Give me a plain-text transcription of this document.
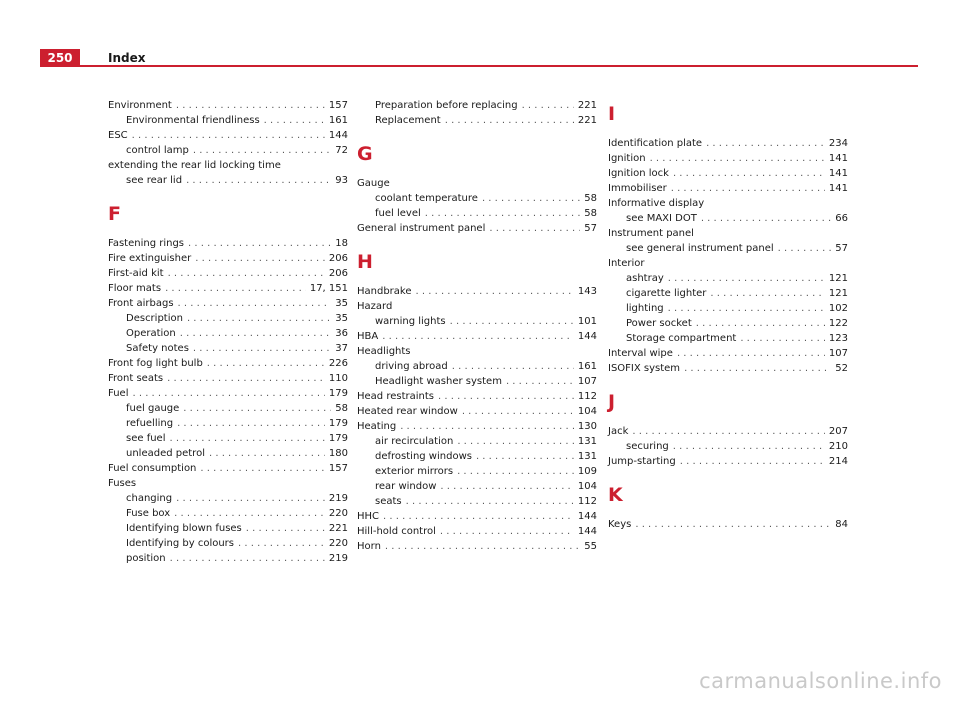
250	Index
Environment . . .	157
Environmental friendliness . . .	161
ESC . . .	144
control lamp . . .	72
extending the rear lid locking time
see rear lid . . .	93
F
Fastening rings . . .	18
Fire extinguisher . . .	206
First-aid kit . . .	206
Floor mats . . .	17, 151
Front airbags . . .	35
Description . . .	35
Operation . . .	36
Safety notes . . .	37
Front fog light bulb . . .	226
Front seats . . .	110
Fuel . . .	179
fuel gauge . . .	58
refuelling . . .	179
see fuel . . .	179
unleaded petrol . . .	180
Fuel consumption . . .	157
Fuses
changing . . .	219
Fuse box . . .	220
Identifying blown fuses . . .	221
Identifying by colours . . .	220
position . . .	219
Preparation before replacing . . .	221
Replacement . . .	221
G
Gauge
coolant temperature . . .	58
fuel level . . .	58
General instrument panel . . .	57
H
Handbrake . . .	143
Hazard
warning lights . . .	101
HBA . . .	144
Headlights
driving abroad . . .	161
Headlight washer system . . .	107
Head restraints . . .	112
Heated rear window . . .	104
Heating . . .	130
air recirculation . . .	131
defrosting windows . . .	131
exterior mirrors . . .	109
rear window . . .	104
seats . . .	112
HHC . . .	144
Hill-hold control . . .	144
Horn . . .	55
I
Identification plate . . .	234
Ignition . . .	141
Ignition lock . . .	141
Immobiliser . . .	141
Informative display
see MAXI DOT . . .	66
Instrument panel
see general instrument panel . . .	57
Interior
ashtray . . .	121
cigarette lighter . . .	121
lighting . . .	102
Power socket . . .	122
Storage compartment . . .	123
Interval wipe . . .	107
ISOFIX system . . .	52
J
Jack . . .	207
securing . . .	210
Jump-starting . . .	214
K
Keys . . .	84
carmanualsonline.info
